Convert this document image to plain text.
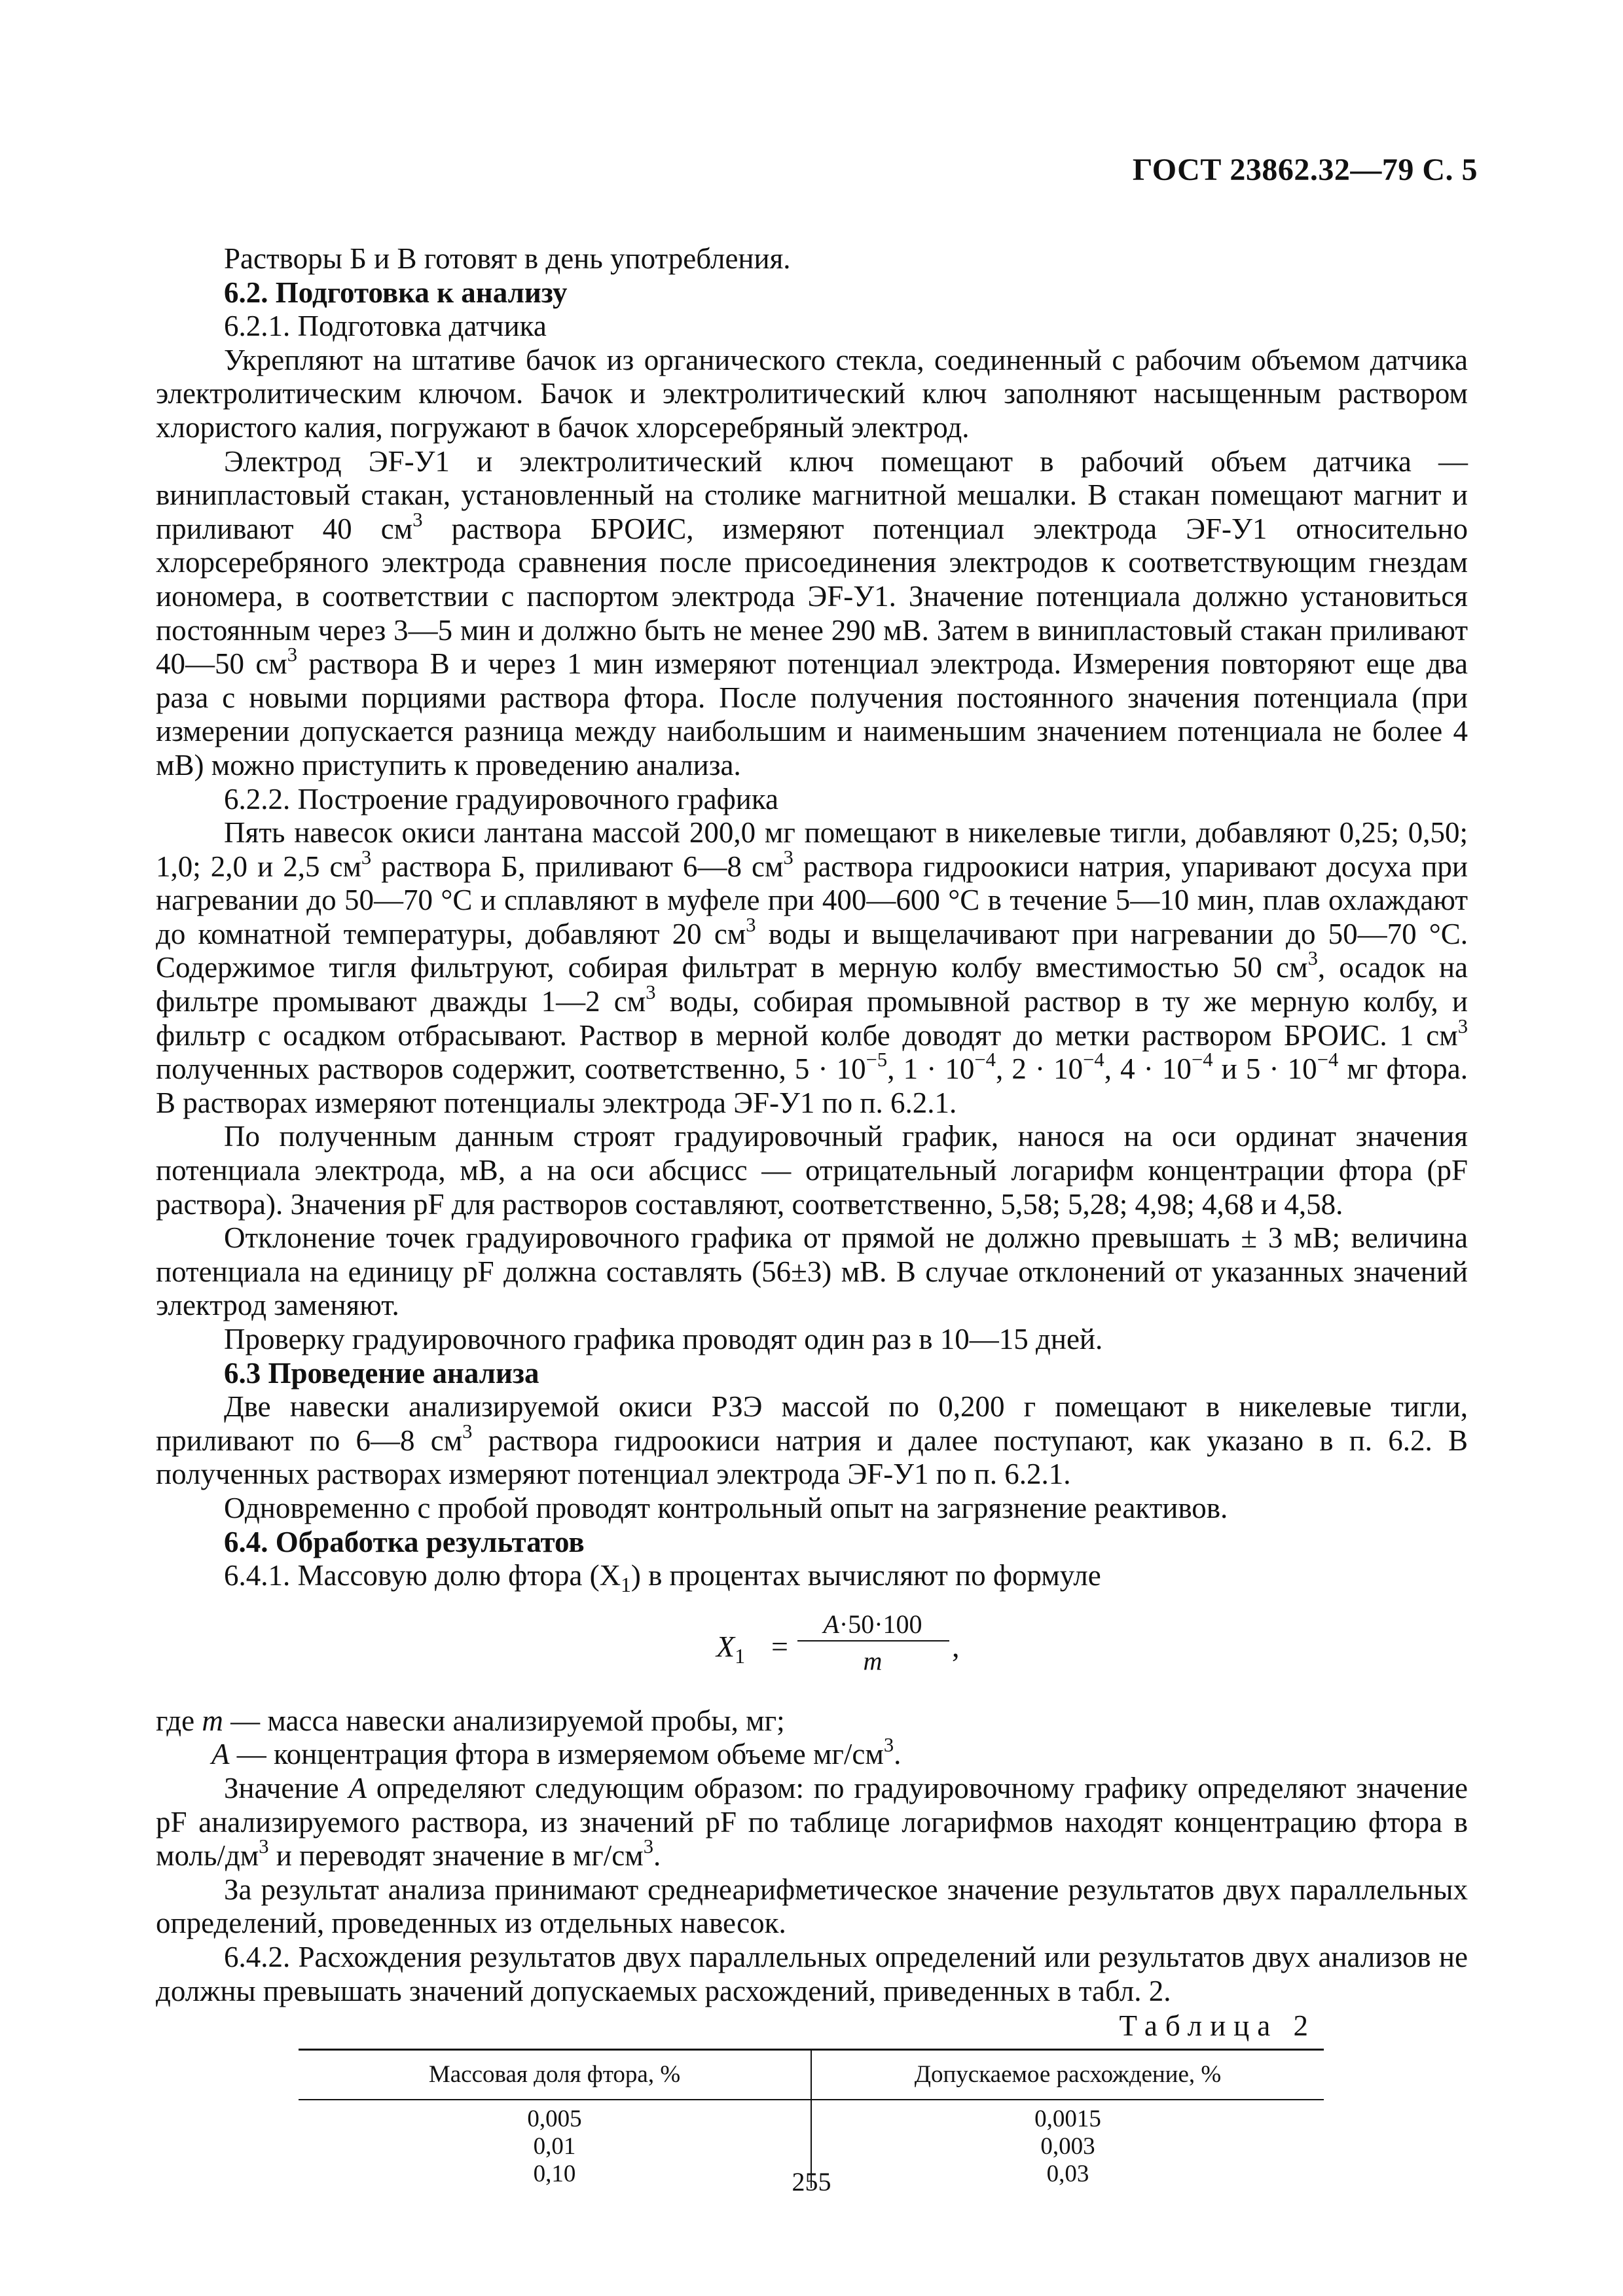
ГОСТ 23862.32—79 С. 5

Растворы Б и В готовят в день употребления.

6.2. Подготовка к анализу

6.2.1. Подготовка датчика

Укрепляют на штативе бачок из органического стекла, соединенный с рабочим объемом датчика электролитическим ключом. Бачок и электролитический ключ заполняют насыщенным раствором хлористого калия, погружают в бачок хлорсеребряный электрод.

Электрод ЭF-У1 и электролитический ключ помещают в рабочий объем датчика — винипластовый стакан, установленный на столике магнитной мешалки. В стакан помещают магнит и приливают 40 $см^3$ раствора БРОИС, измеряют потенциал электрода ЭF-У1 относительно хлорсеребряного электрода сравнения после присоединения электродов к соответствующим гнездам иономера, в соответствии с паспортом электрода ЭF-У1. Значение потенциала должно установиться постоянным через 3—5 мин и должно быть не менее 290 мВ. Затем в винипластовый стакан приливают 40—50 $см^3$ раствора В и через 1 мин измеряют потенциал электрода. Измерения повторяют еще два раза с новыми порциями раствора фтора. После получения постоянного значения потенциала (при измерении допускается разница между наибольшим и наименьшим значением потенциала не более 4 мВ) можно приступить к проведению анализа.

6.2.2. Построение градуировочного графика

Пять навесок окиси лантана массой 200,0 мг помещают в никелевые тигли, добавляют 0,25; 0,50; 1,0; 2,0 и 2,5 $см^3$ раствора Б, приливают 6—8 $см^3$ раствора гидроокиси натрия, упаривают досуха при нагревании до 50—70 °С и сплавляют в муфеле при 400—600 °С в течение 5—10 мин, плав охлаждают до комнатной температуры, добавляют 20 $см^3$ воды и выщелачивают при нагревании до 50—70 °С. Содержимое тигля фильтруют, собирая фильтрат в мерную колбу вместимостью 50 $см^3$, осадок на фильтре промывают дважды 1—2 $см^3$ воды, собирая промывной раствор в ту же мерную колбу, и фильтр с осадком отбрасывают. Раствор в мерной колбе доводят до метки раствором БРОИС. 1 $см^3$ полученных растворов содержит, соответственно, $5 \cdot 10^{-5}$, $1 \cdot 10^{-4}$, $2 \cdot 10^{-4}$, $4 \cdot 10^{-4}$ и $5 \cdot 10^{-4}$ мг фтора. В растворах измеряют потенциалы электрода ЭF-У1 по п. 6.2.1.

По полученным данным строят градуировочный график, нанося на оси ординат значения потенциала электрода, мВ, а на оси абсцисс — отрицательный логарифм концентрации фтора (pF раствора). Значения pF для растворов составляют, соответственно, 5,58; 5,28; 4,98; 4,68 и 4,58.

Отклонение точек градуировочного графика от прямой не должно превышать ± 3 мВ; величина потенциала на единицу pF должна составлять (56±3) мВ. В случае отклонений от указанных значений электрод заменяют.

Проверку градуировочного графика проводят один раз в 10—15 дней.

6.3 Проведение анализа

Две навески анализируемой окиси РЗЭ массой по 0,200 г помещают в никелевые тигли, приливают по 6—8 $см^3$ раствора гидроокиси натрия и далее поступают, как указано в п. 6.2. В полученных растворах измеряют потенциал электрода ЭF-У1 по п. 6.2.1.

Одновременно с пробой проводят контрольный опыт на загрязнение реактивов.

6.4. Обработка результатов

6.4.1. Массовую долю фтора $(X_1)$ в процентах вычисляют по формуле

$X_1$ =
A·50·100
m	,

где m — масса навески анализируемой пробы, мг;

A — концентрация фтора в измеряемом объеме $мг/см^3$.

Значение A определяют следующим образом: по градуировочному графику определяют значение pF анализируемого раствора, из значений pF по таблице логарифмов находят концентрацию фтора в моль/$дм^3$ и переводят значение в $мг/см^3$.

За результат анализа принимают среднеарифметическое значение результатов двух параллельных определений, проведенных из отдельных навесок.

6.4.2. Расхождения результатов двух параллельных определений или результатов двух анализов не должны превышать значений допускаемых расхождений, приведенных в табл. 2.

Таблица 2
Массовая доля фтора, %	Допускаемое расхождение, %
0,005	0,0015
0,01	0,003
0,10	0,03
255
